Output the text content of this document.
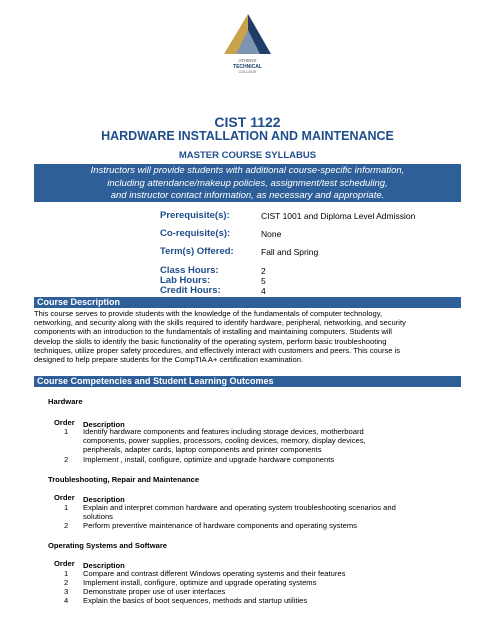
ATHENS
TECHNICAL
COLLEGE
CIST 1122
HARDWARE INSTALLATION AND MAINTENANCE
MASTER COURSE SYLLABUS
Instructors will provide students with additional course-specific information,
including attendance/makeup policies, assignment/test scheduling,
and instructor contact information, as necessary and appropriate.
Prerequisite(s):	CIST 1001 and Diploma Level Admission
Co-requisite(s):	None
Term(s) Offered:	Fall and Spring
Class Hours:	2
Lab Hours:	5
Credit Hours:	4
Course Description
This course serves to provide students with the knowledge of the fundamentals of computer technology,
networking, and security along with the skills required to identify hardware, peripheral, networking, and security
components with an introduction to the fundamentals of installing and maintaining computers. Students will
develop the skills to identify the basic functionality of the operating system, perform basic troubleshooting
techniques, utilize proper safety procedures, and effectively interact with customers and peers. This course is
designed to help prepare students for the CompTIA A+ certification examination.
Course Competencies and Student Learning Outcomes
Hardware
Order Description
1 Identify hardware components and features including storage devices, motherboard
components, power supplies, processors, cooling devices, memory, display devices,
peripherals, adapter cards, laptop components and printer components
2 Implement , install, configure, optimize and upgrade hardware components
Troubleshooting, Repair and Maintenance
Order Description
1 Explain and interpret common hardware and operating system troubleshooting scenarios and
solutions
2 Perform preventive maintenance of hardware components and operating systems
Operating Systems and Software
Order Description
1 Compare and contrast different Windows operating systems and their features
2 Implement install, configure, optimize and upgrade operating systems
3 Demonstrate proper use of user interfaces
4 Explain the basics of boot sequences, methods and startup utilities
